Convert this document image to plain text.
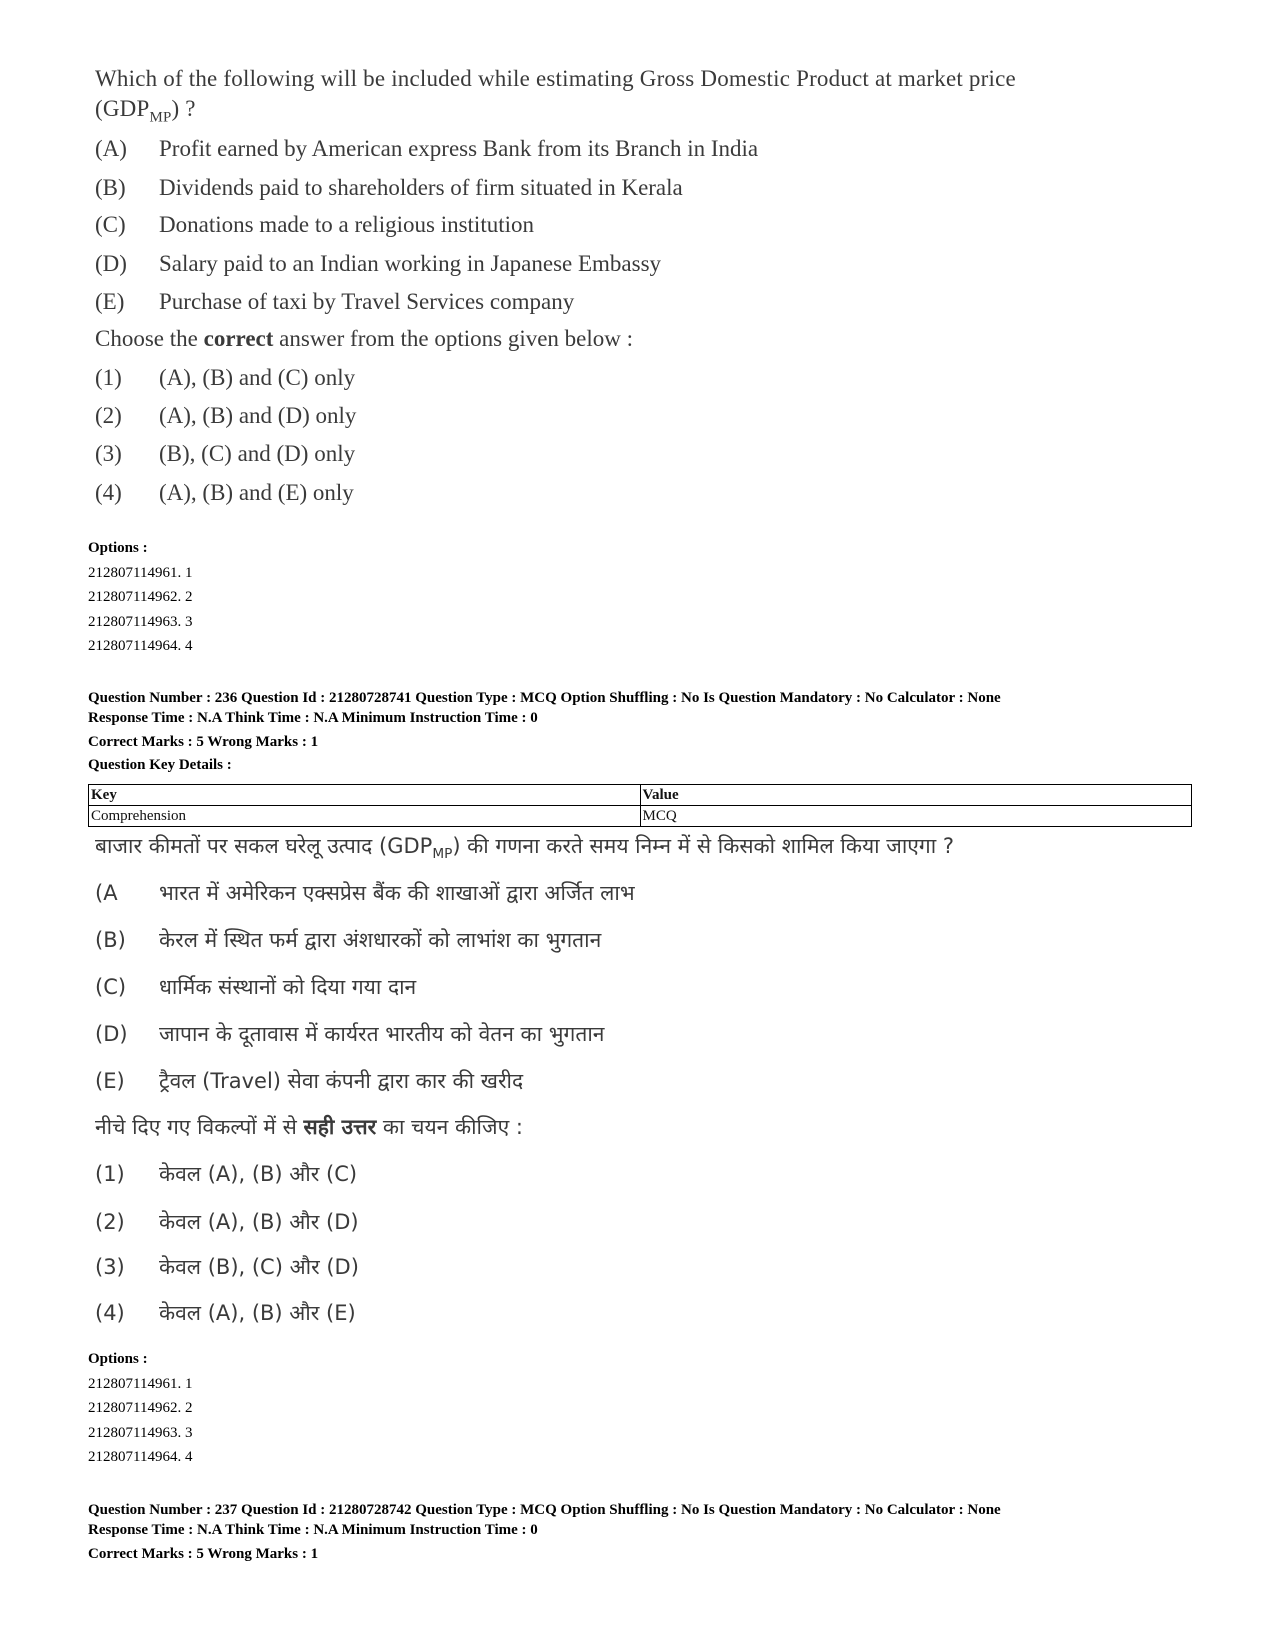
Which of the following will be included while estimating Gross Domestic Product at market price
$(GDP_{MP})$ ?
(A) Profit earned by American express Bank from its Branch in India
(B) Dividends paid to shareholders of firm situated in Kerala
(C) Donations made to a religious institution
(D) Salary paid to an Indian working in Japanese Embassy
(E) Purchase of taxi by Travel Services company
Choose the correct answer from the options given below :
(1) (A), (B) and (C) only
(2) (A), (B) and (D) only
(3) (B), (C) and (D) only
(4) (A), (B) and (E) only
Options :
212807114961. 1
212807114962. 2
212807114963. 3
212807114964. 4
Question Number : 236 Question Id : 21280728741 Question Type : MCQ Option Shuffling : No Is Question Mandatory : No Calculator : None
Response Time : N.A Think Time : N.A Minimum Instruction Time : 0
Correct Marks : 5 Wrong Marks : 1
Question Key Details :
Key	Value
Comprehension	MCQ
बाजार कीमतों पर सकल घरेलू उत्पाद $(GDP_{MP})$ की गणना करते समय निम्न में से किसको शामिल किया जाएगा ?
(A भारत में अमेरिकन एक्सप्रेस बैंक की शाखाओं द्वारा अर्जित लाभ
(B) केरल में स्थित फर्म द्वारा अंशधारकों को लाभांश का भुगतान
(C) धार्मिक संस्थानों को दिया गया दान
(D) जापान के दूतावास में कार्यरत भारतीय को वेतन का भुगतान
(E) ट्रैवल (Travel) सेवा कंपनी द्वारा कार की खरीद
नीचे दिए गए विकल्पों में से सही उत्तर का चयन कीजिए :
(1) केवल (A), (B) और (C)
(2) केवल (A), (B) और (D)
(3) केवल (B), (C) और (D)
(4) केवल (A), (B) और (E)
Options :
212807114961. 1
212807114962. 2
212807114963. 3
212807114964. 4
Question Number : 237 Question Id : 21280728742 Question Type : MCQ Option Shuffling : No Is Question Mandatory : No Calculator : None
Response Time : N.A Think Time : N.A Minimum Instruction Time : 0
Correct Marks : 5 Wrong Marks : 1
